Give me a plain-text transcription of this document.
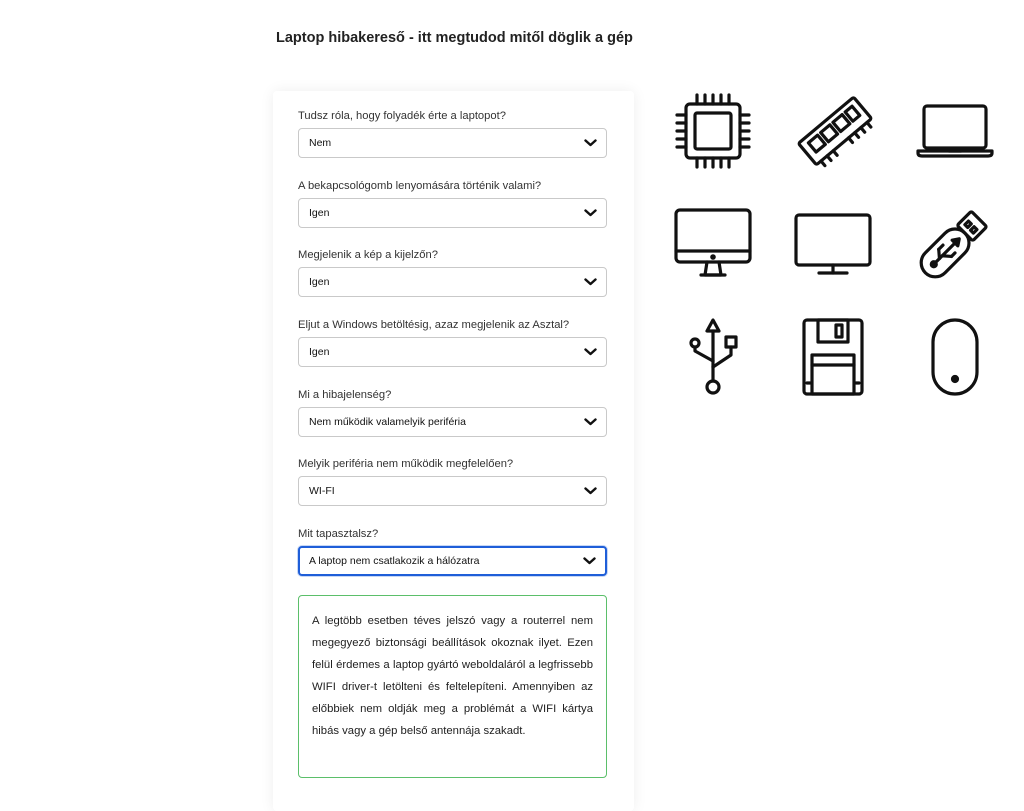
Laptop hibakereső - itt megtudod mitől döglik a gép
Tudsz róla, hogy folyadék érte a laptopot?
Nem
A bekapcsológomb lenyomására történik valami?
Igen
Megjelenik a kép a kijelzőn?
Igen
Eljut a Windows betöltésig, azaz megjelenik az Asztal?
Igen
Mi a hibajelenség?
Nem működik valamelyik periféria
Melyik periféria nem működik megfelelően?
WI-FI
Mit tapasztalsz?
A laptop nem csatlakozik a hálózatra
A legtöbb esetben téves jelszó vagy a routerrel nem megegyező biztonsági beállítások okoznak ilyet. Ezen felül érdemes a laptop gyártó weboldaláról a legfrissebb WIFI driver-t letölteni és feltelepíteni. Amennyiben az előbbiek nem oldják meg a problémát a WIFI kártya hibás vagy a gép belső antennája szakadt.
